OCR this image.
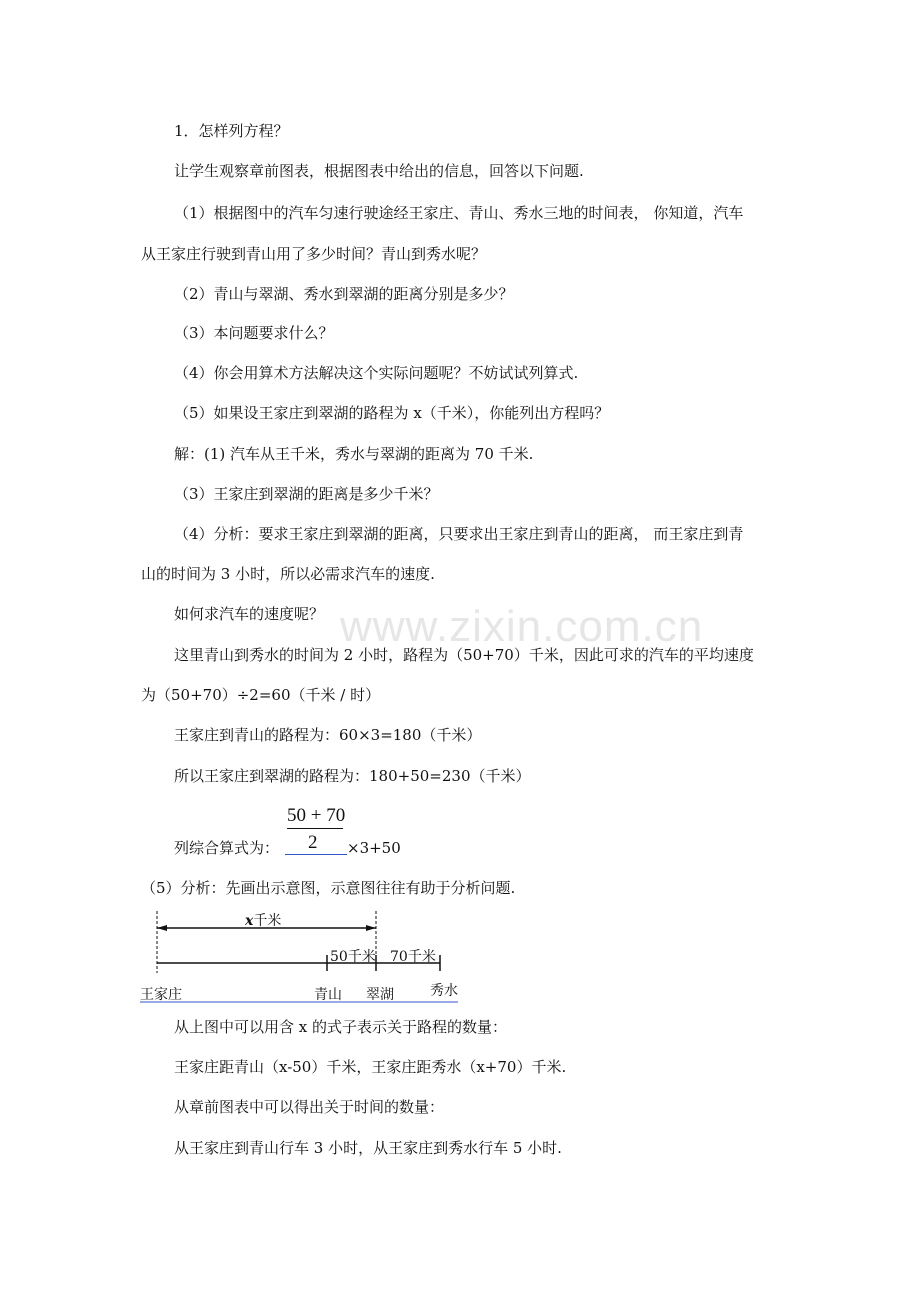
www.zixin.com.cn
1．怎样列方程？
让学生观察章前图表，根据图表中给出的信息，回答以下问题.
（1）根据图中的汽车匀速行驶途经王家庄、青山、秀水三地的时间表， 你知道，汽车
从王家庄行驶到青山用了多少时间？青山到秀水呢？
（2）青山与翠湖、秀水到翠湖的距离分别是多少？
（3）本问题要求什么？
（4）你会用算术方法解决这个实际问题呢？不妨试试列算式.
（5）如果设王家庄到翠湖的路程为 x（千米），你能列出方程吗？
解：(1) 汽车从王千米，秀水与翠湖的距离为 70 千米.
（3）王家庄到翠湖的距离是多少千米？
（4）分析：要求王家庄到翠湖的距离，只要求出王家庄到青山的距离， 而王家庄到青
山的时间为 3 小时，所以必需求汽车的速度.
如何求汽车的速度呢？
这里青山到秀水的时间为 2 小时，路程为（50+70）千米，因此可求的汽车的平均速度
为（50+70）÷2=60（千米 / 时）
王家庄到青山的路程为：60×3=180（千米）
所以王家庄到翠湖的路程为：180+50=230（千米）
列综合算式为：
50 + 70
2 ×3+50
（5）分析：先画出示意图，示意图往往有助于分析问题.
x千米
50千米 70千米
王家庄	青山 翠湖	秀水
从上图中可以用含 x 的式子表示关于路程的数量：
王家庄距青山（x-50）千米，王家庄距秀水（x+70）千米.
从章前图表中可以得出关于时间的数量：
从王家庄到青山行车 3 小时，从王家庄到秀水行车 5 小时.
